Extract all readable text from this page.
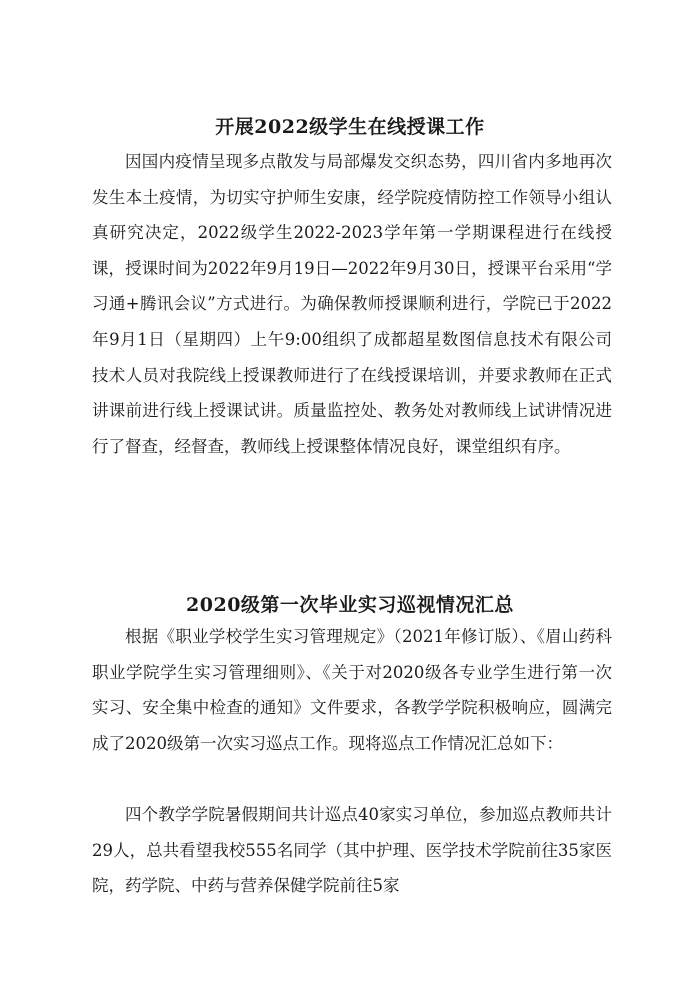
开展2022级学生在线授课工作

因国内疫情呈现多点散发与局部爆发交织态势，四川省内多地再次发生本土疫情，为切实守护师生安康，经学院疫情防控工作领导小组认真研究决定，2022级学生2022-2023学年第一学期课程进行在线授课，授课时间为2022年9月19日—2022年9月30日，授课平台采用“学习通+腾讯会议”方式进行。为确保教师授课顺利进行，学院已于2022年9月1日（星期四）上午9:00组织了成都超星数图信息技术有限公司技术人员对我院线上授课教师进行了在线授课培训，并要求教师在正式讲课前进行线上授课试讲。质量监控处、教务处对教师线上试讲情况进行了督查，经督查，教师线上授课整体情况良好，课堂组织有序。

2020级第一次毕业实习巡视情况汇总

根据《职业学校学生实习管理规定》（2021年修订版）、《眉山药科职业学院学生实习管理细则》、《关于对2020级各专业学生进行第一次实习、安全集中检查的通知》文件要求，各教学学院积极响应，圆满完成了2020级第一次实习巡点工作。现将巡点工作情况汇总如下：

四个教学学院暑假期间共计巡点40家实习单位，参加巡点教师共计29人，总共看望我校555名同学（其中护理、医学技术学院前往35家医院，药学院、中药与营养保健学院前往5家
